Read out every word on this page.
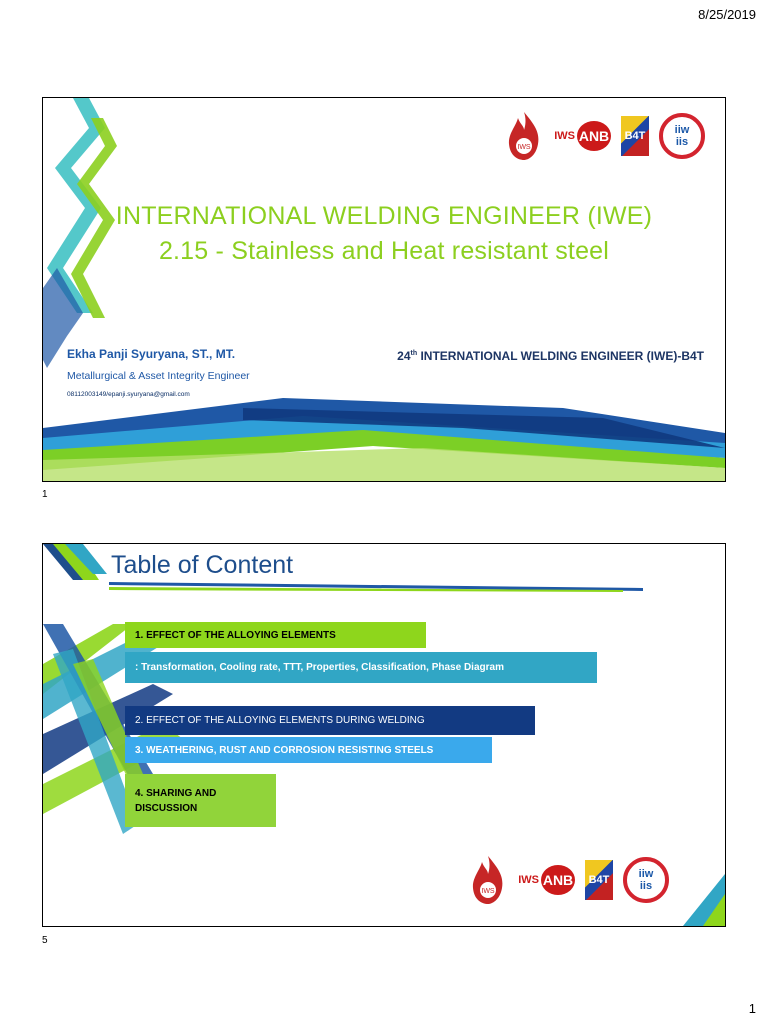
8/25/2019
IWS
IWS ANB	B4T	iiw
iis
INTERNATIONAL WELDING ENGINEER (IWE)
2.15 - Stainless and Heat resistant steel
Ekha Panji Syuryana, ST., MT.
Metallurgical & Asset Integrity Engineer
08112003149/epanji.syuryana@gmail.com
24th INTERNATIONAL WELDING ENGINEER (IWE)-B4T
1
Table of Content
1. EFFECT OF THE ALLOYING ELEMENTS
: Transformation, Cooling rate, TTT, Properties, Classification, Phase Diagram
2. EFFECT OF THE ALLOYING ELEMENTS DURING WELDING
3. WEATHERING, RUST AND CORROSION RESISTING STEELS
4. SHARING AND DISCUSSION
IWS
IWS ANB	B4T	iiw
iis
5
1
